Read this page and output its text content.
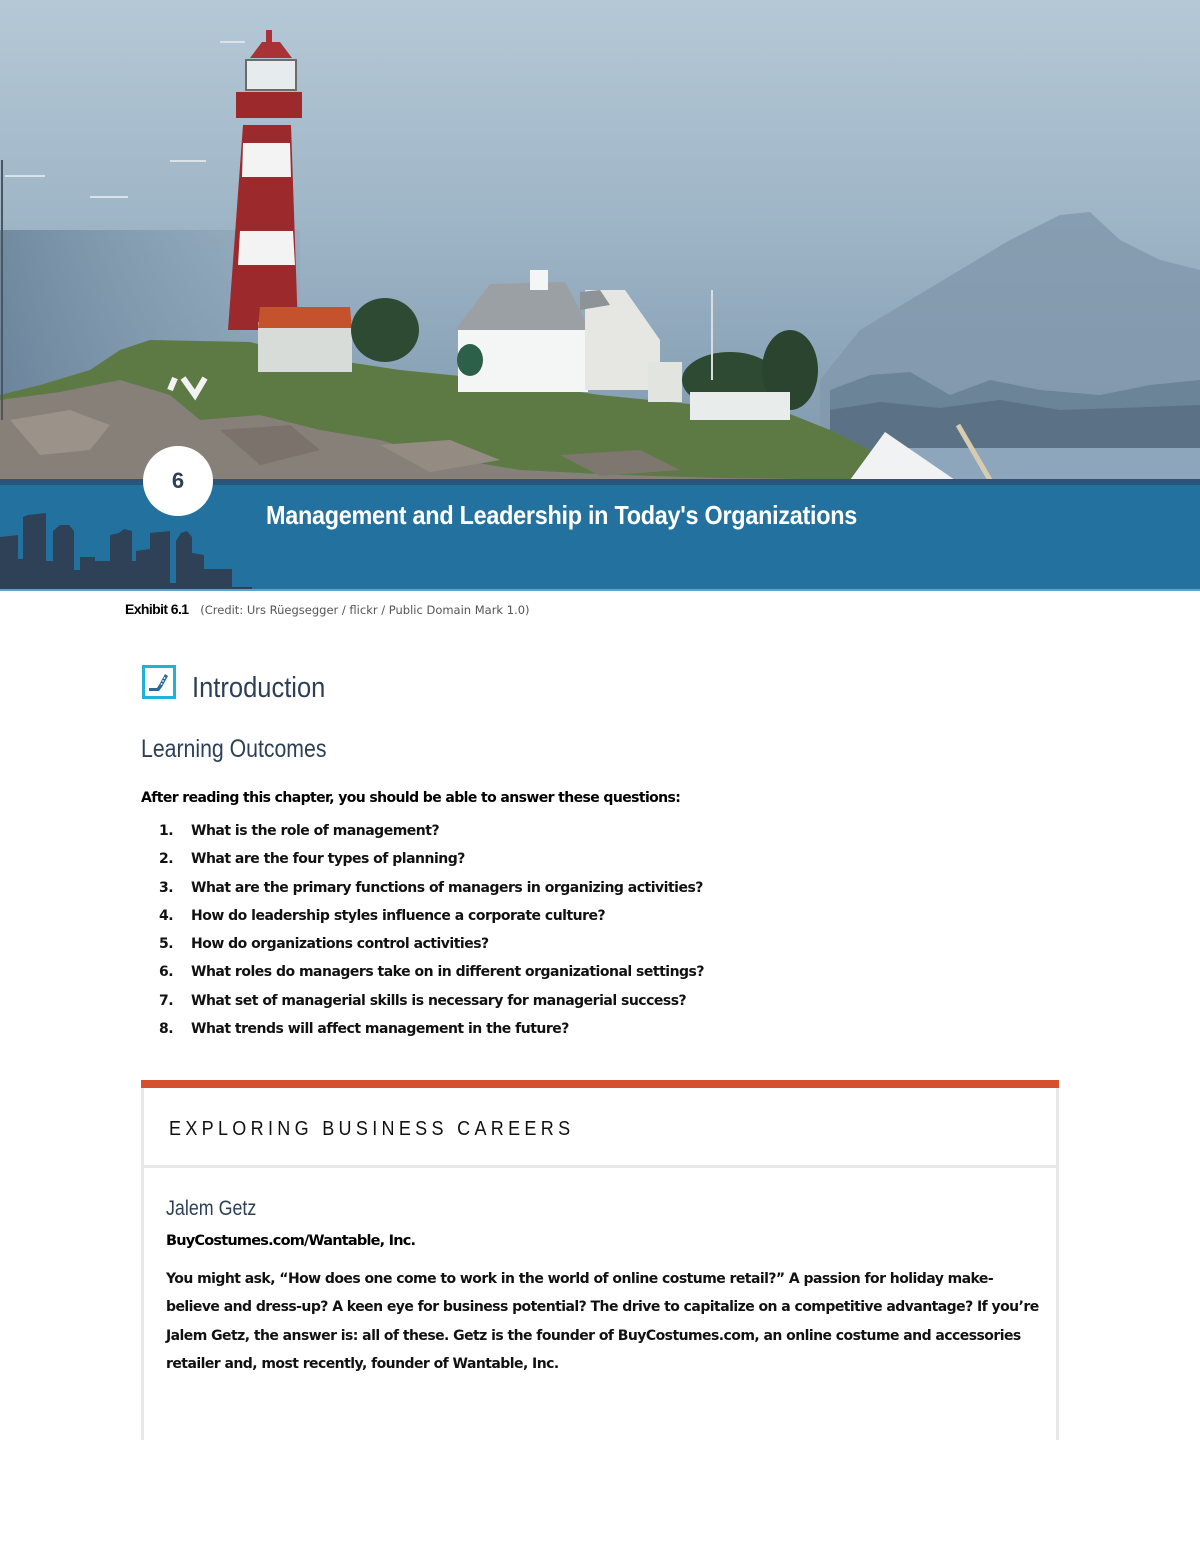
6
Management and Leadership in Today's Organizations
Exhibit 6.1 (Credit: Urs Rüegsegger / flickr / Public Domain Mark 1.0)
Introduction
Learning Outcomes
After reading this chapter, you should be able to answer these questions:
1.	What is the role of management?
2.	What are the four types of planning?
3.	What are the primary functions of managers in organizing activities?
4.	How do leadership styles influence a corporate culture?
5.	How do organizations control activities?
6.	What roles do managers take on in different organizational settings?
7.	What set of managerial skills is necessary for managerial success?
8.	What trends will affect management in the future?
EXPLORING BUSINESS CAREERS
Jalem Getz
BuyCostumes.com/Wantable, Inc.
You might ask, “How does one come to work in the world of online costume retail?” A passion for holiday make-believe and dress-up? A keen eye for business potential? The drive to capitalize on a competitive advantage? If you’re Jalem Getz, the answer is: all of these. Getz is the founder of BuyCostumes.com, an online costume and accessories retailer and, most recently, founder of Wantable, Inc.
